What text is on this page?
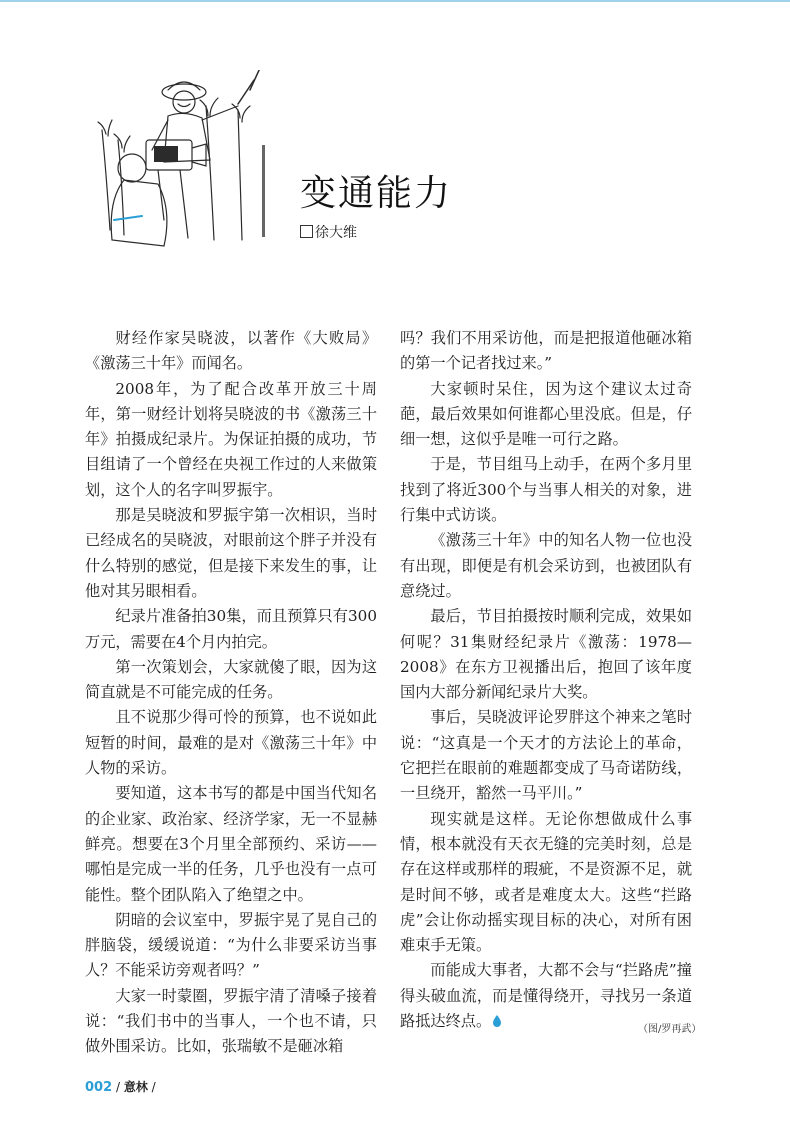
变通能力
徐大维

财经作家吴晓波，以著作《大败局》《激荡三十年》而闻名。

2008年，为了配合改革开放三十周年，第一财经计划将吴晓波的书《激荡三十年》拍摄成纪录片。为保证拍摄的成功，节目组请了一个曾经在央视工作过的人来做策划，这个人的名字叫罗振宇。

那是吴晓波和罗振宇第一次相识，当时已经成名的吴晓波，对眼前这个胖子并没有什么特别的感觉，但是接下来发生的事，让他对其另眼相看。

纪录片准备拍30集，而且预算只有300万元，需要在4个月内拍完。

第一次策划会，大家就傻了眼，因为这简直就是不可能完成的任务。

且不说那少得可怜的预算，也不说如此短暂的时间，最难的是对《激荡三十年》中人物的采访。

要知道，这本书写的都是中国当代知名的企业家、政治家、经济学家，无一不显赫鲜亮。想要在3个月里全部预约、采访——哪怕是完成一半的任务，几乎也没有一点可能性。整个团队陷入了绝望之中。

阴暗的会议室中，罗振宇晃了晃自己的胖脑袋，缓缓说道：“为什么非要采访当事人？不能采访旁观者吗？”

大家一时蒙圈，罗振宇清了清嗓子接着说：“我们书中的当事人，一个也不请，只做外围采访。比如，张瑞敏不是砸冰箱

吗？我们不用采访他，而是把报道他砸冰箱的第一个记者找过来。”

大家顿时呆住，因为这个建议太过奇葩，最后效果如何谁都心里没底。但是，仔细一想，这似乎是唯一可行之路。

于是，节目组马上动手，在两个多月里找到了将近300个与当事人相关的对象，进行集中式访谈。

《激荡三十年》中的知名人物一位也没有出现，即便是有机会采访到，也被团队有意绕过。

最后，节目拍摄按时顺利完成，效果如何呢？31集财经纪录片《激荡：1978—2008》在东方卫视播出后，抱回了该年度国内大部分新闻纪录片大奖。

事后，吴晓波评论罗胖这个神来之笔时说：“这真是一个天才的方法论上的革命，它把拦在眼前的难题都变成了马奇诺防线，一旦绕开，豁然一马平川。”

现实就是这样。无论你想做成什么事情，根本就没有天衣无缝的完美时刻，总是存在这样或那样的瑕疵，不是资源不足，就是时间不够，或者是难度太大。这些“拦路虎”会让你动摇实现目标的决心，对所有困难束手无策。

而能成大事者，大都不会与“拦路虎”撞得头破血流，而是懂得绕开，寻找另一条道路抵达终点。	（图/罗再武）
002 / 意林 /
